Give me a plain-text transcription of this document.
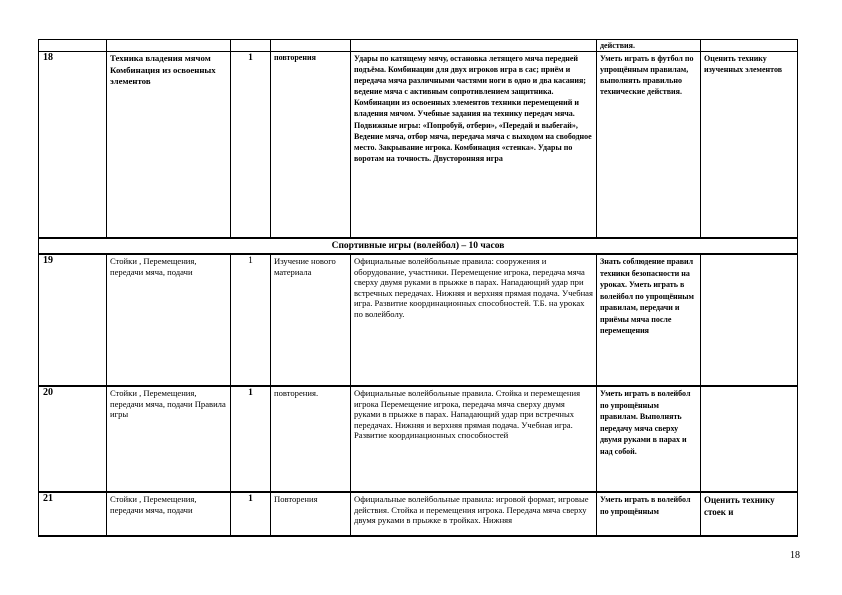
					действия.	
18	Техника владения мячом Комбинация из освоенных элементов	1	повторения	Удары по катящему мячу, остановка летящего мяча передней подъёма. Комбинации для двух игроков игра в сас; приём и передача мяча различными частями ноги в одно и два касания; ведение мяча с активным сопротивлением защитника. Комбинации из освоенных элементов техники перемещений и владения мячом. Учебные задания на технику передач мяча. Подвижные игры: «Попробуй, отбери», «Передай и выбегай», Ведение мяча, отбор мяча, передача мяча с выходом на свободное место. Закрывание игрока. Комбинация «стенка». Удары по воротам на точность. Двусторонняя игра	Уметь играть в футбол по упрощённым правилам, выполнять правильно технические действия.	Оценить технику изученных элементов
Спортивные игры (волейбол) – 10 часов						
19	Стойки , Перемещения, передачи мяча, подачи	1	Изучение нового материала	Официальные волейбольные правила: сооружения и оборудование, участники. Перемещение игрока, передача мяча сверху двумя руками в прыжке в парах. Нападающий удар при встречных передачах. Нижняя и верхняя прямая подача. Учебная игра. Развитие координационных способностей. Т.Б. на уроках по волейболу.	Знать соблюдение правил техники безопасности на уроках. Уметь играть в волейбол по упрощённым правилам, передачи и приёмы мяча после перемещения	
20	Стойки , Перемещения, передачи мяча, подачи Правила игры	1	повторения.	Официальные волейбольные правила. Стойка и перемещения игрока Перемещение игрока, передача мяча сверху двумя руками в прыжке в парах. Нападающий удар при встречных передачах. Нижняя и верхняя прямая подача. Учебная игра. Развитие координационных способностей	Уметь играть в волейбол по упрощённым правилам. Выполнять передачу мяча сверху двумя руками в парах и над собой.	
21	Стойки , Перемещения, передачи мяча, подачи	1	Повторения	Официальные волейбольные правила: игровой формат, игровые действия. Стойка и перемещения игрока. Передача мяча сверху двумя руками в прыжке в тройках. Нижняя	Уметь играть в волейбол по упрощённым	Оценить технику стоек и
18
